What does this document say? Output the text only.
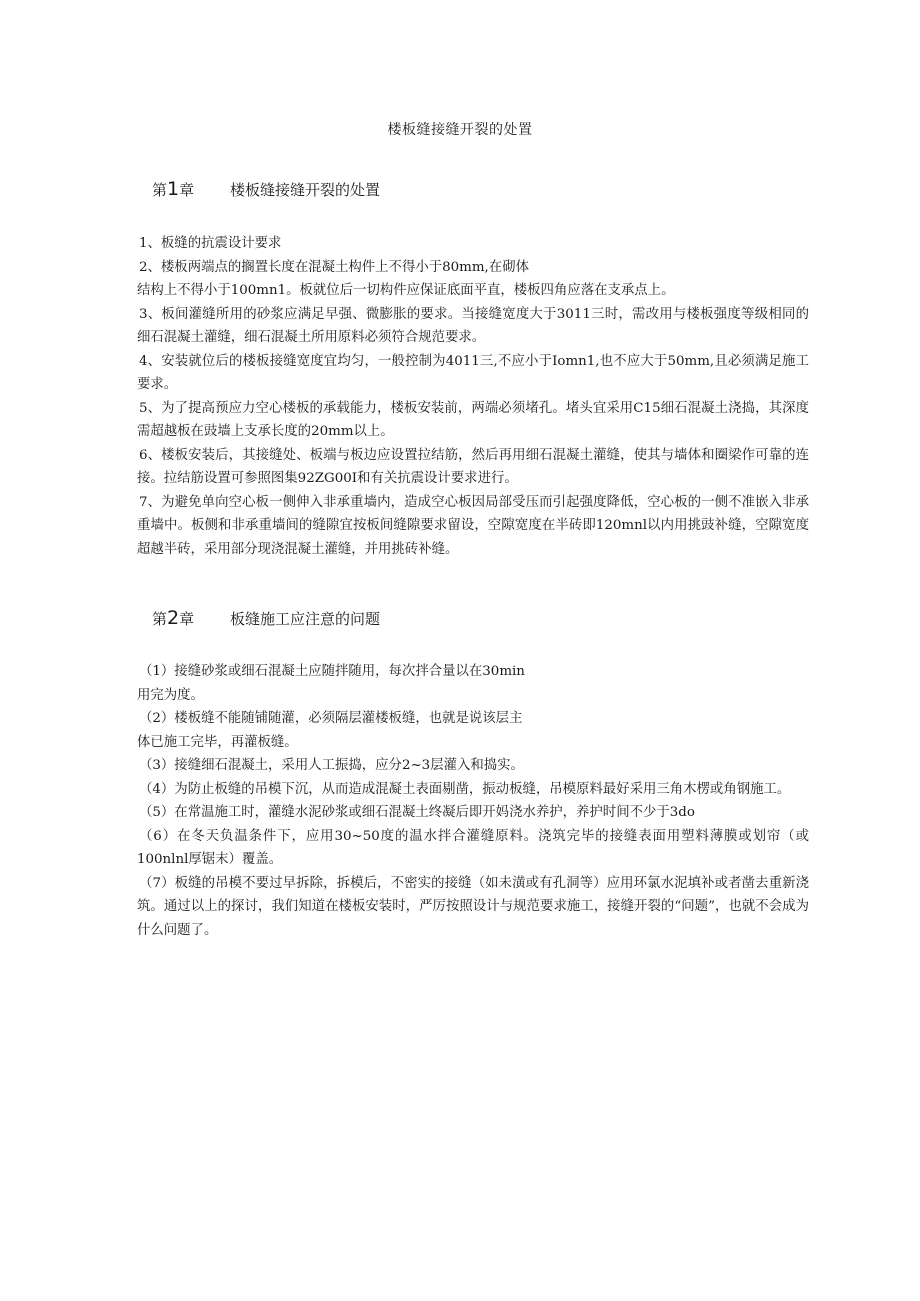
楼板缝接缝开裂的处置
第1章 楼板缝接缝开裂的处置

1、板缝的抗震设计要求

2、楼板两端点的搁置长度在混凝土构件上不得小于80mm,在砌体

结构上不得小于100mn1。板就位后一切构件应保证底面平直，楼板四角应落在支承点上。

3、板间灌缝所用的砂浆应满足早强、微膨胀的要求。当接缝宽度大于3011三时，需改用与楼板强度等级相同的细石混凝土灌缝，细石混凝土所用原料必须符合规范要求。

4、安装就位后的楼板接缝宽度宜均匀，一般控制为4011三,不应小于Iomn1,也不应大于50mm,且必须满足施工要求。

5、为了提高预应力空心楼板的承载能力，楼板安装前，两端必须堵孔。堵头宜采用C15细石混凝土浇捣，其深度需超越板在豉墙上支承长度的20mm以上。

6、楼板安装后，其接缝处、板端与板边应设置拉结筋，然后再用细石混凝土灌缝，使其与墙体和圈梁作可靠的连接。拉结筋设置可参照图集92ZG00I和有关抗震设计要求进行。

7、为避免单向空心板一侧伸入非承重墙内，造成空心板因局部受压而引起强度降低，空心板的一侧不准嵌入非承重墙中。板侧和非承重墙间的缝隙宜按板间缝隙要求留设，空隙宽度在半砖即120mnl以内用挑豉补缝，空隙宽度超越半砖，采用部分现浇混凝土灌缝，并用挑砖补缝。

第2章 板缝施工应注意的问题

（1）接缝砂浆或细石混凝土应随拌随用，每次拌合量以在30min

用完为度。

（2）楼板缝不能随铺随灌，必须隔层灌楼板缝，也就是说该层主

体已施工完毕，再灌板缝。

（3）接缝细石混凝土，采用人工振捣，应分2~3层灌入和捣实。

（4）为防止板缝的吊模下沉，从而造成混凝土表面剔凿，振动板缝，吊模原料最好采用三角木楞或角钢施工。

（5）在常温施工时，灌缝水泥砂浆或细石混凝土终凝后即开妈浇水养护，养护时间不少于3do

（6）在冬天负温条件下，应用30~50度的温水拌合灌缝原料。浇筑完毕的接缝表面用塑料薄膜或划帘（或100nlnl厚锯末）覆盖。

（7）板缝的吊模不要过早拆除，拆模后，不密实的接缝（如未潢或有孔洞等）应用环氯水泥填补或者凿去重新浇筑。通过以上的探讨，我们知道在楼板安装时，严厉按照设计与规范要求施工，接缝开裂的“问题”，也就不会成为什么问题了。
